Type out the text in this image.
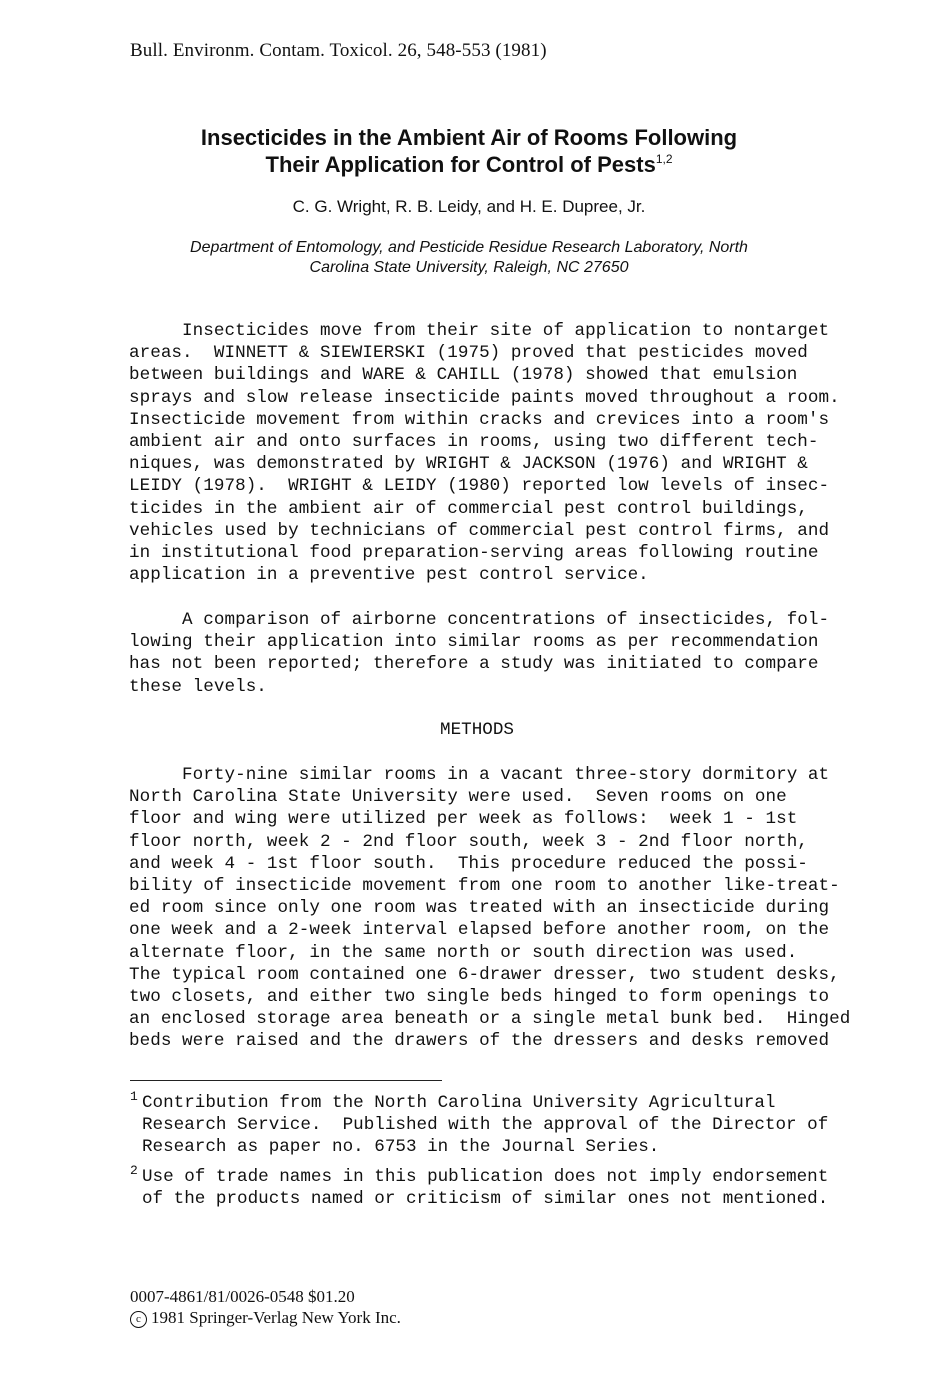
Bull. Environm. Contam. Toxicol. 26, 548-553 (1981)
Insecticides in the Ambient Air of Rooms Following
Their Application for Control of Pests$^{1,2}$
C. G. Wright, R. B. Leidy, and H. E. Dupree, Jr.
Department of Entomology, and Pesticide Residue Research Laboratory, North
Carolina State University, Raleigh, NC 27650
Insecticides move from their site of application to nontarget
areas.  WINNETT & SIEWIERSKI (1975) proved that pesticides moved
between buildings and WARE & CAHILL (1978) showed that emulsion
sprays and slow release insecticide paints moved throughout a room.
Insecticide movement from within cracks and crevices into a room's
ambient air and onto surfaces in rooms, using two different tech-
niques, was demonstrated by WRIGHT & JACKSON (1976) and WRIGHT &
LEIDY (1978).  WRIGHT & LEIDY (1980) reported low levels of insec-
ticides in the ambient air of commercial pest control buildings,
vehicles used by technicians of commercial pest control firms, and
in institutional food preparation-serving areas following routine
application in a preventive pest control service.
A comparison of airborne concentrations of insecticides, fol-
lowing their application into similar rooms as per recommendation
has not been reported; therefore a study was initiated to compare
these levels.
METHODS
Forty-nine similar rooms in a vacant three-story dormitory at
North Carolina State University were used.  Seven rooms on one
floor and wing were utilized per week as follows:  week 1 - 1st
floor north, week 2 - 2nd floor south, week 3 - 2nd floor north,
and week 4 - 1st floor south.  This procedure reduced the possi-
bility of insecticide movement from one room to another like-treat-
ed room since only one room was treated with an insecticide during
one week and a 2-week interval elapsed before another room, on the
alternate floor, in the same north or south direction was used.
The typical room contained one 6-drawer dresser, two student desks,
two closets, and either two single beds hinged to form openings to
an enclosed storage area beneath or a single metal bunk bed.  Hinged
beds were raised and the drawers of the dressers and desks removed
1 Contribution from the North Carolina University Agricultural
Research Service.  Published with the approval of the Director of
Research as paper no. 6753 in the Journal Series.
2 Use of trade names in this publication does not imply endorsement
of the products named or criticism of similar ones not mentioned.
0007-4861/81/0026-0548 $01.20
c 1981 Springer-Verlag New York Inc.
